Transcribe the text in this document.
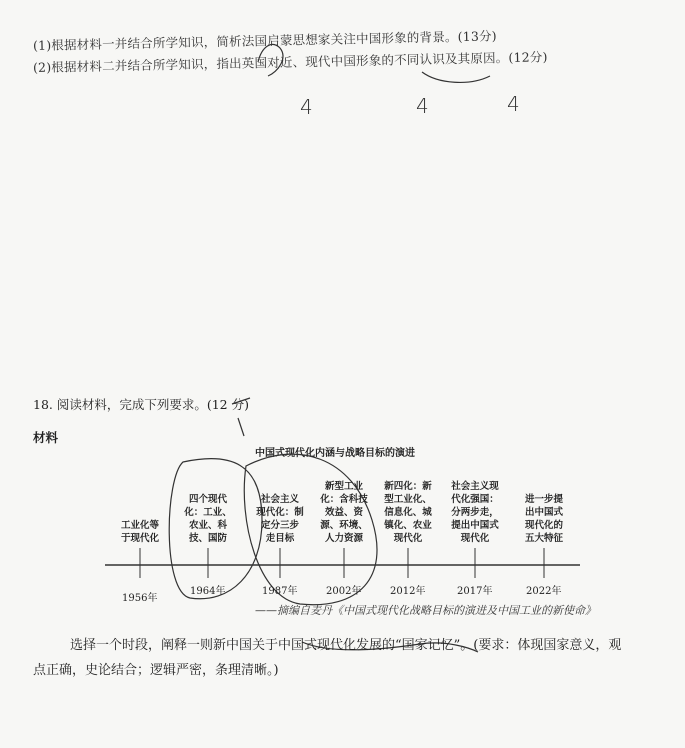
(1)根据材料一并结合所学知识，简析法国启蒙思想家关注中国形象的背景。(13分)
(2)根据材料二并结合所学知识，指出英国对近、现代中国形象的不同认识及其原因。(12分)
4	4	4
18. 阅读材料，完成下列要求。(12 分)
材料
中国式现代化内涵与战略目标的演进
工业化等
于现代化
1956年
四个现代
化：工业、
农业、科
技、国防
1964年
社会主义
现代化：制
定分三步
走目标
1987年
新型工业
化：含科技
效益、资
源、环境、
人力资源
2002年
新四化：新
型工业化、
信息化、城
镇化、农业
现代化
2012年
社会主义现
代化强国：
分两步走，
提出中国式
现代化
2017年
进一步提
出中国式
现代化的
五大特征
2022年
——摘编自麦丹《中国式现代化战略目标的演进及中国工业的新使命》
选择一个时段，阐释一则新中国关于中国式现代化发展的“国家记忆”。(要求：体现国家意义，观
点正确，史论结合；逻辑严密，条理清晰。)
